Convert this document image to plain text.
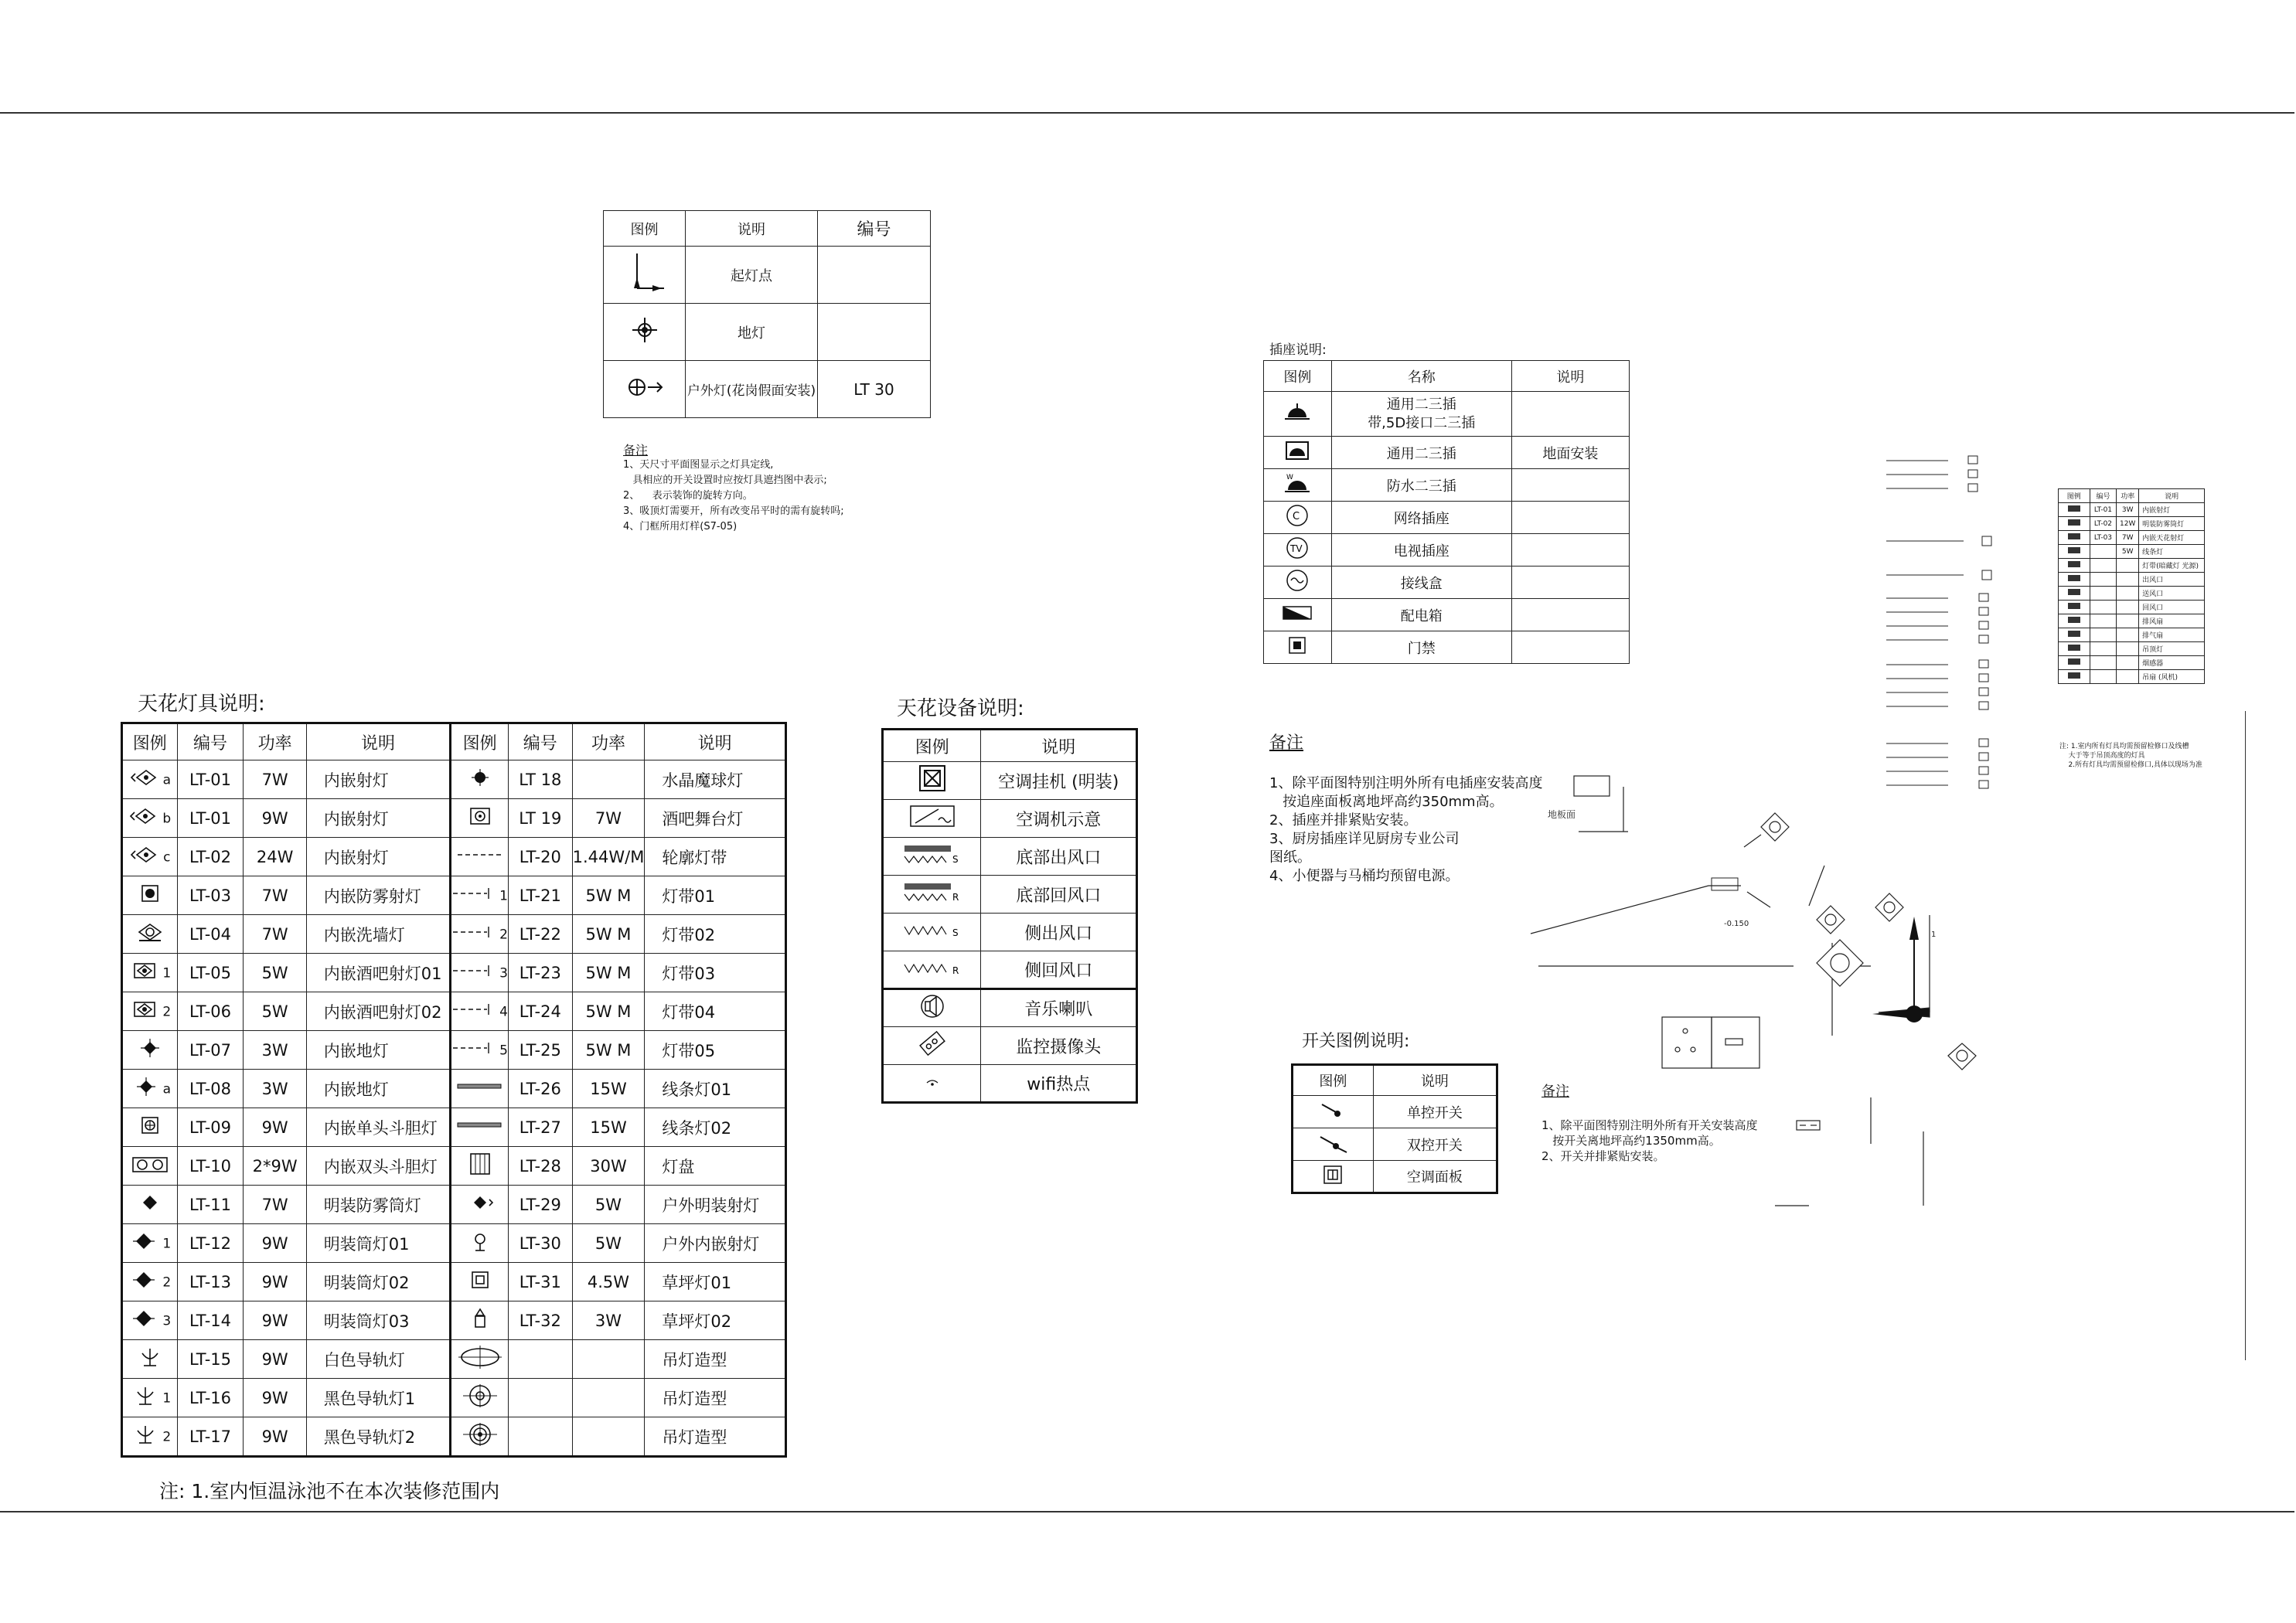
图例	说明	编号
	起灯点	
	地灯	
	户外灯(花岗假面安装)	LT 30
备注
1、天尺寸平面图显示之灯具定线,
具相应的开关设置时应按灯具遮挡图中表示;
2、    表示装饰的旋转方向。
3、吸顶灯需要开，所有改变吊平时的需有旋转吗;
4、门框所用灯样(S7-05)
插座说明:
图例	名称	说明
	通用二三插
带,5D接口二三插	
	通用二三插	地面安装

W	防水二三插	

C	网络插座	

TV	电视插座	
	接线盒	
	配电箱	
	门禁	
天花灯具说明:
图例	编号	功率	说明	图例	编号	功率	说明
a	LT-01	7W	内嵌射灯		LT 18		水晶魔球灯
b	LT-01	9W	内嵌射灯		LT 19	7W	酒吧舞台灯
c	LT-02	24W	内嵌射灯		LT-20	1.44W/M	轮廓灯带
	LT-03	7W	内嵌防雾射灯	1	LT-21	5W M	灯带01
	LT-04	7W	内嵌洗墙灯	2	LT-22	5W M	灯带02
1	LT-05	5W	内嵌酒吧射灯01	3	LT-23	5W M	灯带03
2	LT-06	5W	内嵌酒吧射灯02	4	LT-24	5W M	灯带04
	LT-07	3W	内嵌地灯	5	LT-25	5W M	灯带05
a	LT-08	3W	内嵌地灯		LT-26	15W	线条灯01
	LT-09	9W	内嵌单头斗胆灯		LT-27	15W	线条灯02
	LT-10	2*9W	内嵌双头斗胆灯		LT-28	30W	灯盘
	LT-11	7W	明装防雾筒灯		LT-29	5W	户外明装射灯
1	LT-12	9W	明装筒灯01		LT-30	5W	户外内嵌射灯
2	LT-13	9W	明装筒灯02		LT-31	4.5W	草坪灯01
3	LT-14	9W	明装筒灯03		LT-32	3W	草坪灯02
	LT-15	9W	白色导轨灯				吊灯造型
1	LT-16	9W	黑色导轨灯1				吊灯造型
2	LT-17	9W	黑色导轨灯2				吊灯造型
注: 1.室内恒温泳池不在本次装修范围内
天花设备说明:
图例	说明
	空调挂机 (明装)
	空调机示意

S	底部出风口

R	底部回风口

S	侧出风口

R	侧回风口
	音乐喇叭
	监控摄像头
	wifi热点
备注
1、除平面图特别注明外所有电插座安装高度
按追座面板离地坪高约350mm高。
2、插座并排紧贴安装。
3、厨房插座详见厨房专业公司
图纸。
4、小便器与马桶均预留电源。
开关图例说明:
图例	说明
	单控开关
	双控开关
	空调面板
备注
1、除平面图特别注明外所有开关安装高度
按开关离地坪高约1350mm高。
2、开关并排紧贴安装。
图例	编号	功率	说明
	LT-01	3W	内嵌射灯
	LT-02	12W	明装防雾筒灯
	LT-03	7W	内嵌天花射灯
		5W	线条灯
			灯带(暗藏灯 光源)
			出风口
			送风口
			回风口
			排风扇
			排气扇
			吊顶灯
			烟感器
			吊扇 (风机)
注: 1.室内所有灯具均需预留检修口及线槽
大于等于吊顶高度的灯具
2.所有灯具均需预留检修口,具体以现场为准
地板面
-0.150
1
